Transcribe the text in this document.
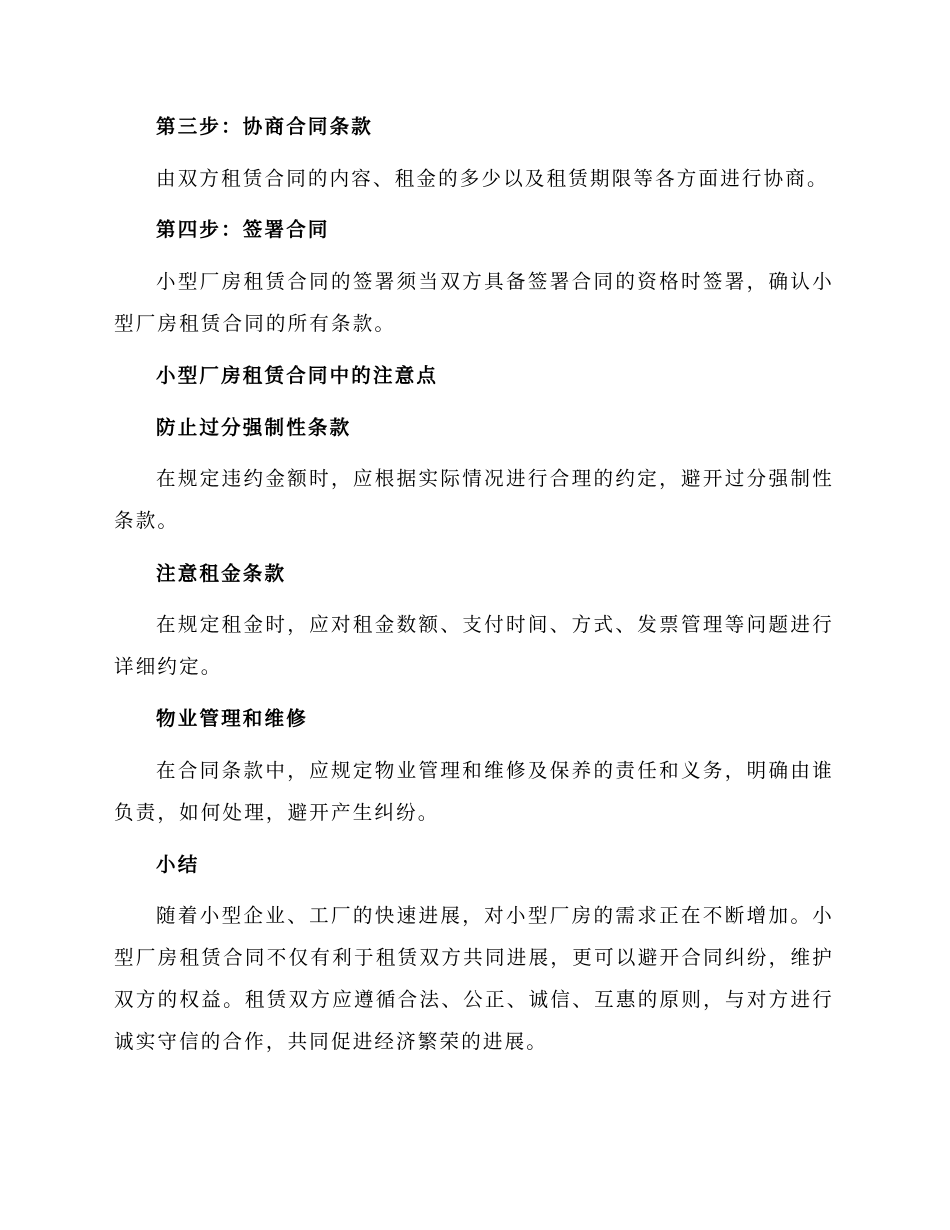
第三步：协商合同条款

由双方租赁合同的内容、租金的多少以及租赁期限等各方面进行协商。

第四步：签署合同

小型厂房租赁合同的签署须当双方具备签署合同的资格时签署，确认小型厂房租赁合同的所有条款。

小型厂房租赁合同中的注意点

防止过分强制性条款

在规定违约金额时，应根据实际情况进行合理的约定，避开过分强制性条款。

注意租金条款

在规定租金时，应对租金数额、支付时间、方式、发票管理等问题进行详细约定。

物业管理和维修

在合同条款中，应规定物业管理和维修及保养的责任和义务，明确由谁负责，如何处理，避开产生纠纷。

小结

随着小型企业、工厂的快速进展，对小型厂房的需求正在不断增加。小型厂房租赁合同不仅有利于租赁双方共同进展，更可以避开合同纠纷，维护双方的权益。租赁双方应遵循合法、公正、诚信、互惠的原则，与对方进行诚实守信的合作，共同促进经济繁荣的进展。
